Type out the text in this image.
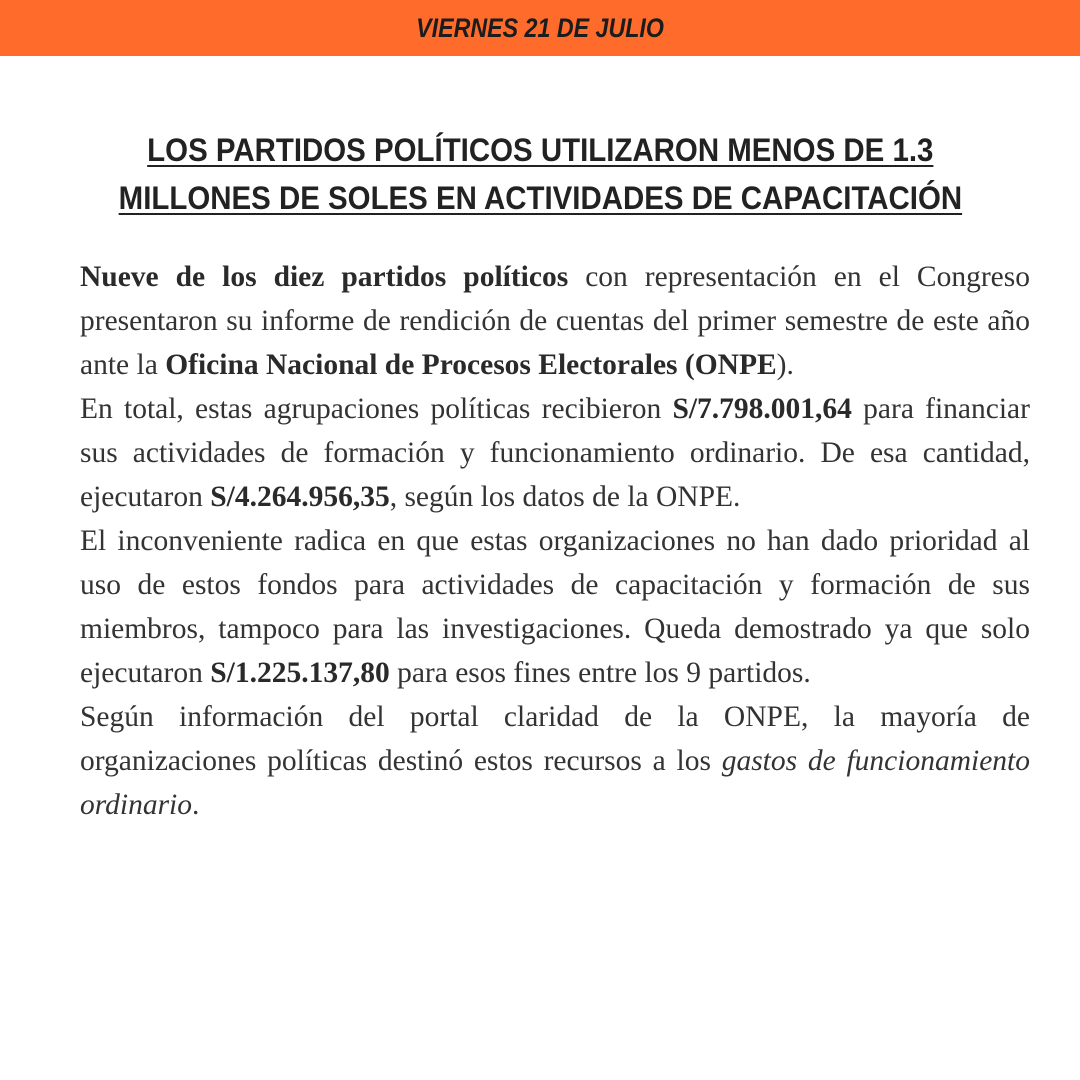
VIERNES 21 DE JULIO
LOS PARTIDOS POLÍTICOS UTILIZARON MENOS DE 1.3
MILLONES DE SOLES EN ACTIVIDADES DE CAPACITACIÓN

Nueve de los diez partidos políticos con representación en el Congreso presentaron su informe de rendición de cuentas del primer semestre de este año ante la Oficina Nacional de Procesos Electorales (ONPE).

En total, estas agrupaciones políticas recibieron S/7.798.001,64 para financiar sus actividades de formación y funcionamiento ordinario. De esa cantidad, ejecutaron S/4.264.956,35, según los datos de la ONPE.

El inconveniente radica en que estas organizaciones no han dado prioridad al uso de estos fondos para actividades de capacitación y formación de sus miembros, tampoco para las investigaciones. Queda demostrado ya que solo ejecutaron S/1.225.137,80 para esos fines entre los 9 partidos.

Según información del portal claridad de la ONPE, la mayoría de organizaciones políticas destinó estos recursos a los gastos de funcionamiento ordinario.
